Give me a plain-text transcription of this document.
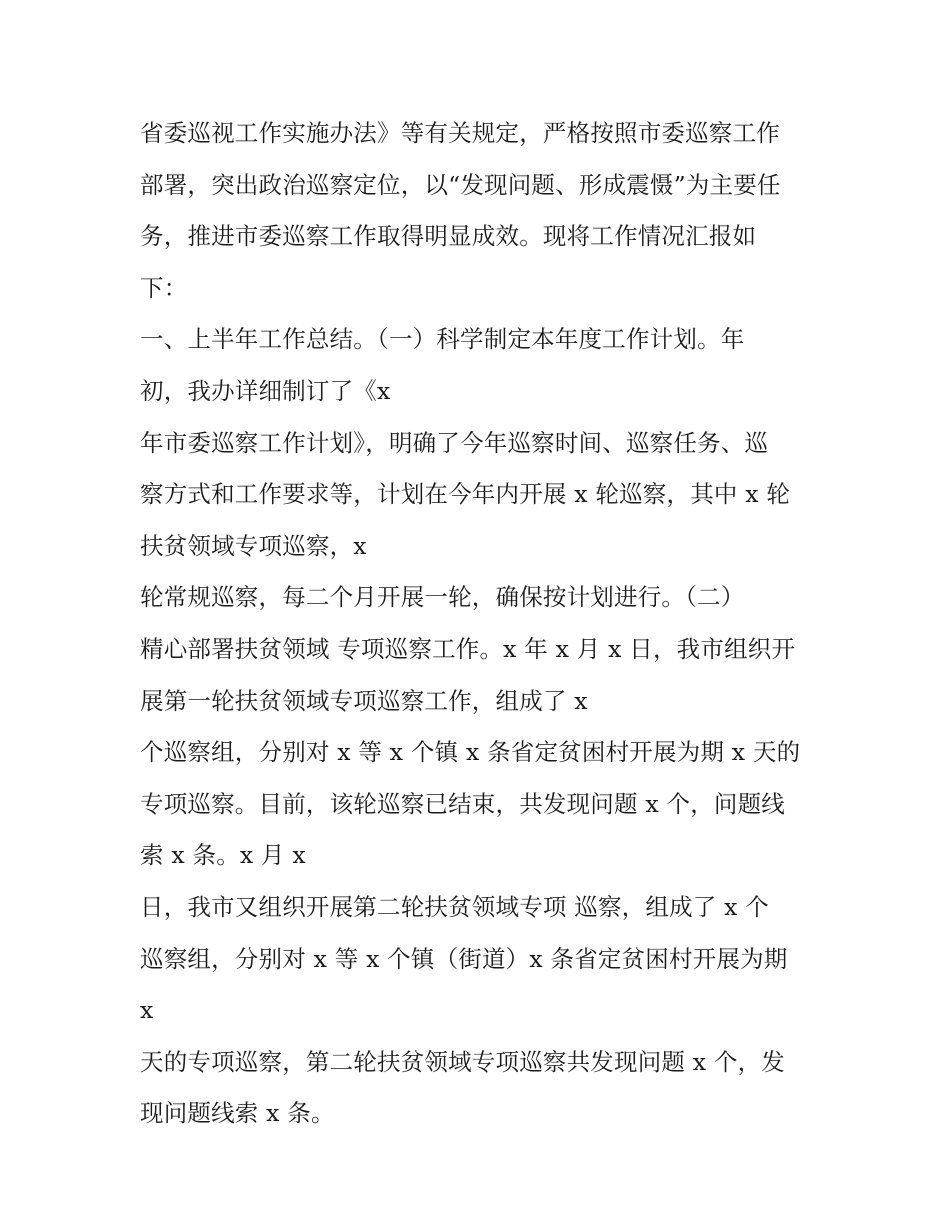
省委巡视工作实施办法》等有关规定，严格按照市委巡察工作
部署，突出政治巡察定位，以“发现问题、形成震慑”为主要任
务，推进市委巡察工作取得明显成效。现将工作情况汇报如
下：
一、上半年工作总结。（一）科学制定本年度工作计划。年
初，我办详细制订了《x
年市委巡察工作计划》，明确了今年巡察时间、巡察任务、巡
察方式和工作要求等，计划在今年内开展 x 轮巡察，其中 x 轮
扶贫领域专项巡察，x
轮常规巡察，每二个月开展一轮，确保按计划进行。（二）
精心部署扶贫领域 专项巡察工作。x 年 x 月 x 日，我市组织开
展第一轮扶贫领域专项巡察工作，组成了 x
个巡察组，分别对 x 等 x 个镇 x 条省定贫困村开展为期 x 天的
专项巡察。目前，该轮巡察已结束，共发现问题 x 个，问题线
索 x 条。x 月 x
日，我市又组织开展第二轮扶贫领域专项 巡察，组成了 x 个
巡察组，分别对 x 等 x 个镇（街道）x 条省定贫困村开展为期
x
天的专项巡察，第二轮扶贫领域专项巡察共发现问题 x 个，发
现问题线索 x 条。
